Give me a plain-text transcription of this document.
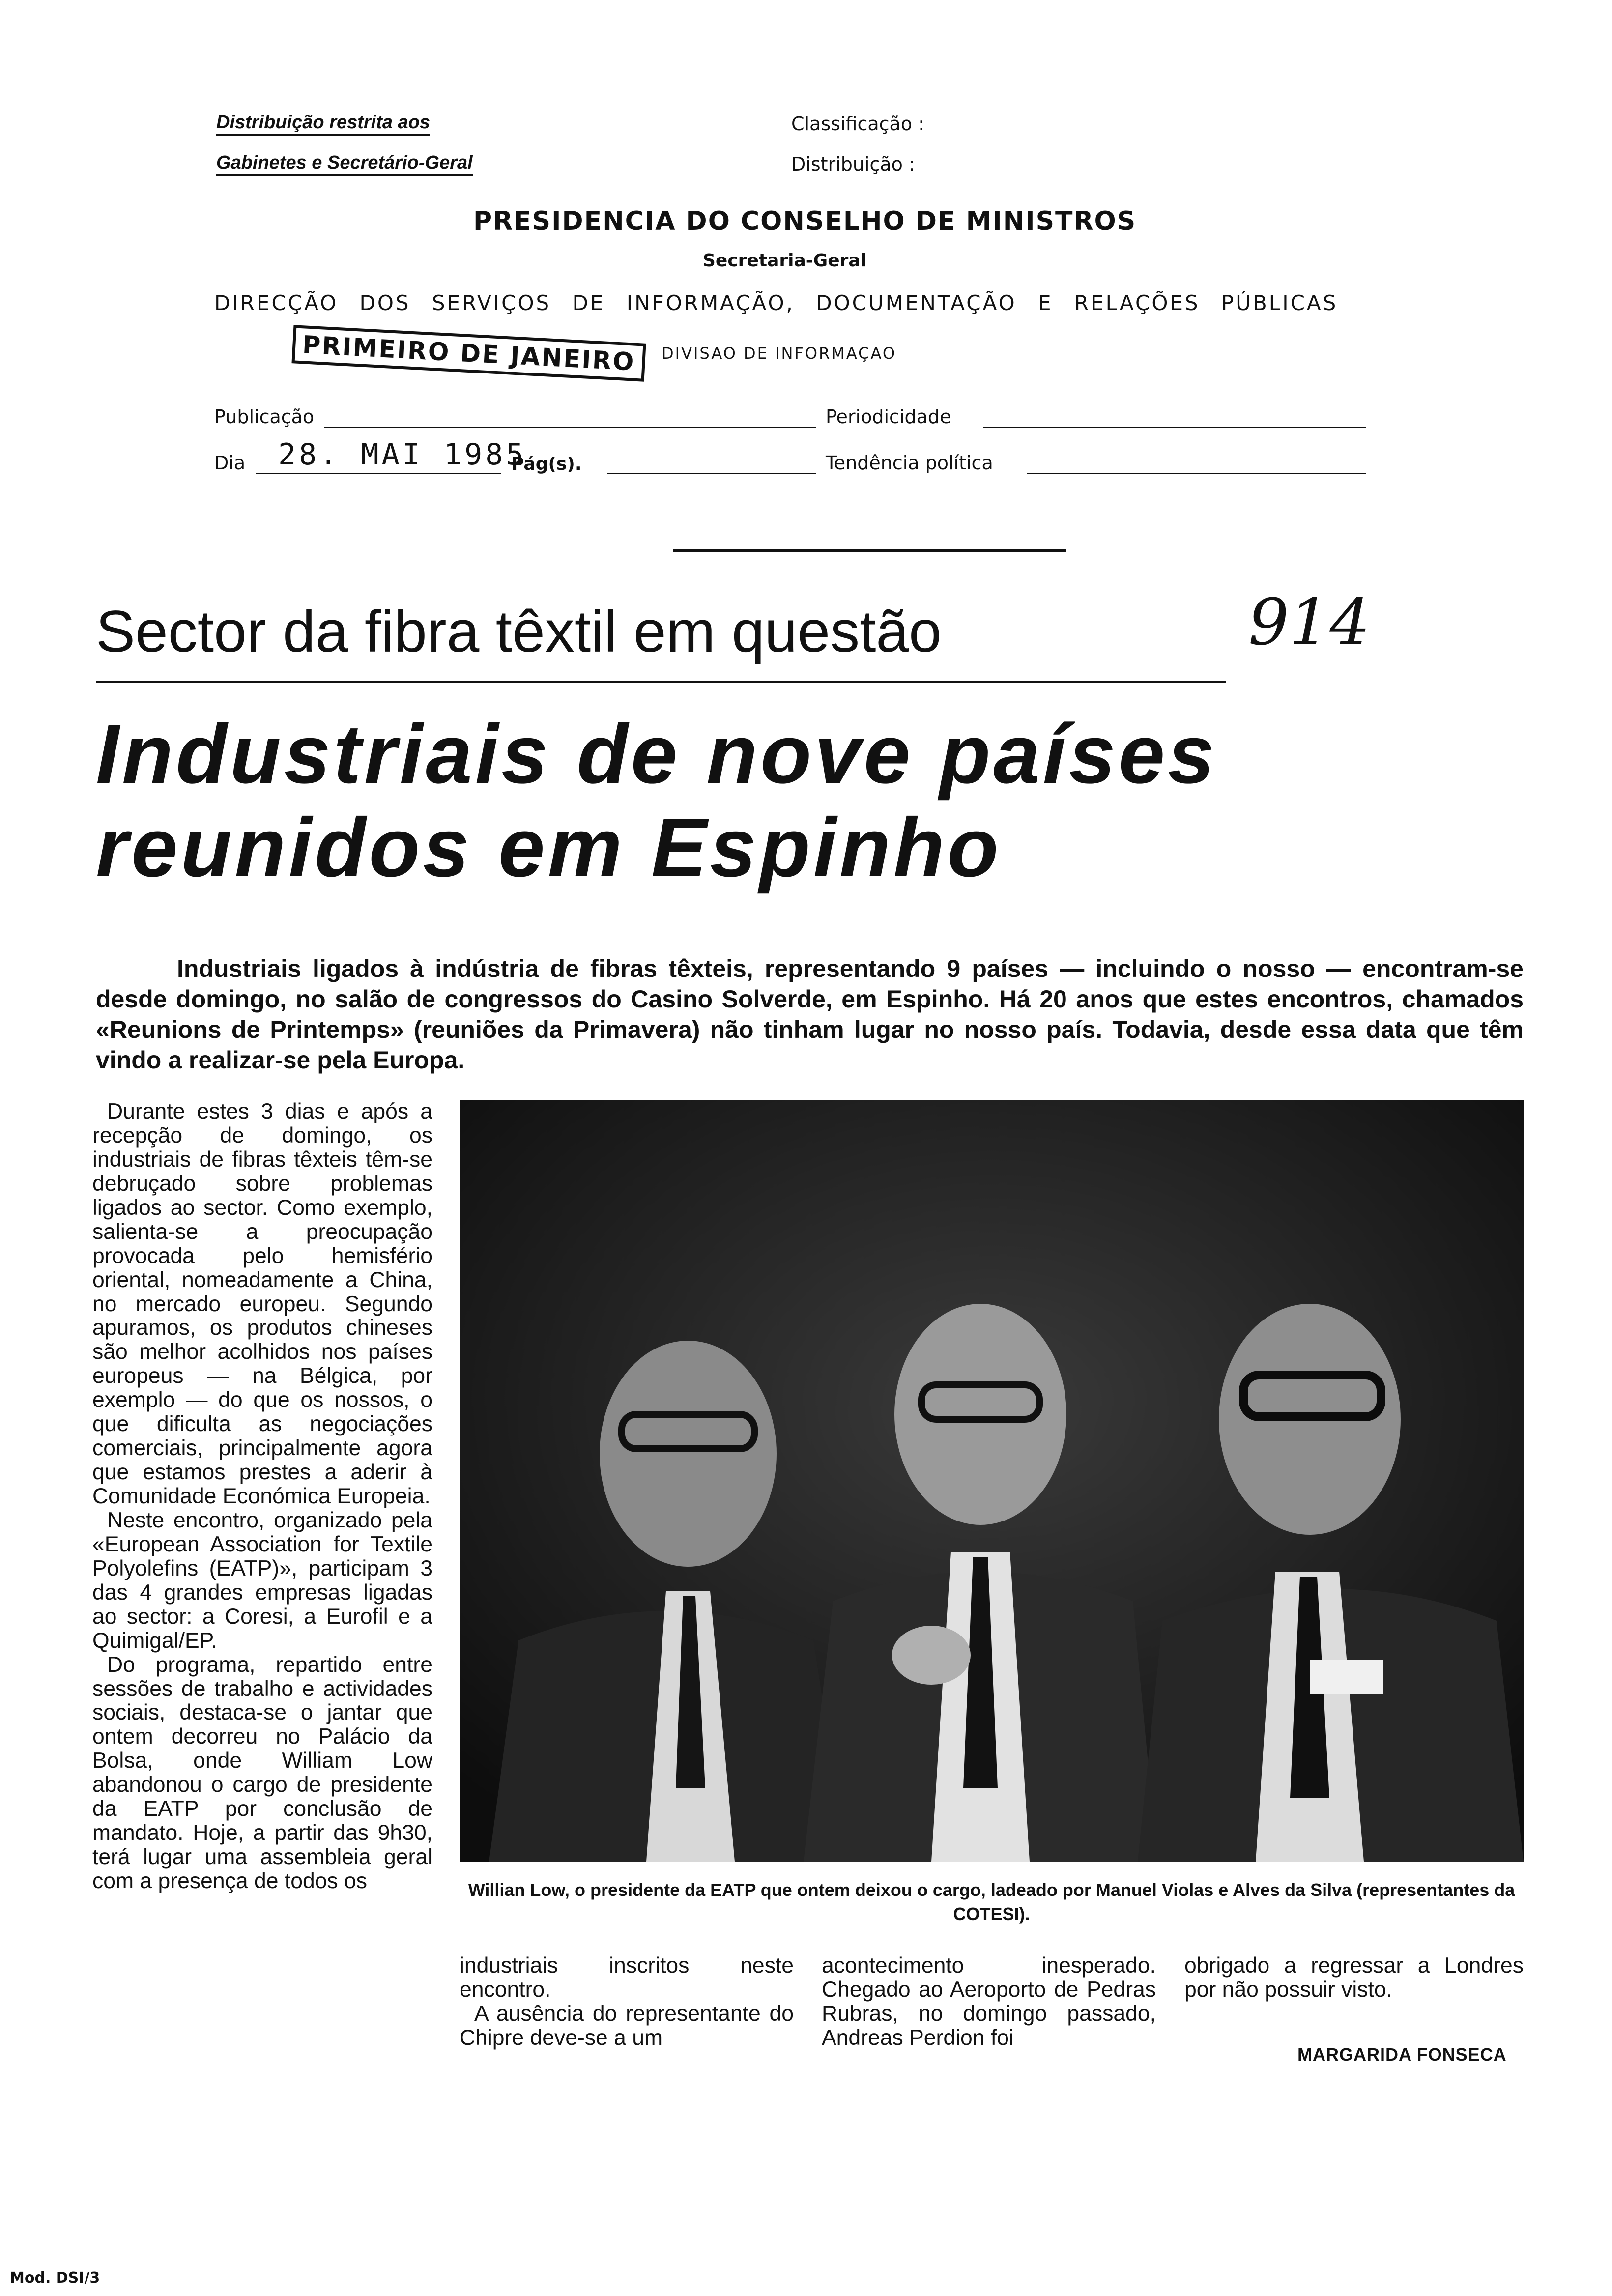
Distribuição restrita aos
Gabinetes e Secretário-Geral
Classificação :
Distribuição :
PRESIDENCIA DO CONSELHO DE MINISTROS
Secretaria-Geral
DIRECÇÃO DOS SERVIÇOS DE INFORMAÇÃO, DOCUMENTAÇÃO E RELAÇÕES PÚBLICAS
PRIMEIRO DE JANEIRO	DIVISAO DE INFORMAÇAO
Publicação	Periodicidade
Dia 28. MAI 1985
Pág(s).	Tendência política
Sector da fibra têxtil em questão	914
Industriais de nove países
reunidos em Espinho
Industriais ligados à indústria de fibras têxteis, representando 9 países — incluindo o nosso — encontram-se desde domingo, no salão de congressos do Casino Solverde, em Espinho. Há 20 anos que estes encontros, chamados «Reunions de Printemps» (reuniões da Primavera) não tinham lugar no nosso país. Todavia, desde essa data que têm vindo a realizar-se pela Europa.

Durante estes 3 dias e após a recepção de domingo, os industriais de fibras têxteis têm-se debruçado sobre problemas ligados ao sector. Como exemplo, salienta-se a preocupação provocada pelo hemisfério oriental, nomeadamente a China, no mercado europeu. Segundo apuramos, os produtos chineses são melhor acolhidos nos países europeus — na Bélgica, por exemplo — do que os nossos, o que dificulta as negociações comerciais, principalmente agora que estamos prestes a aderir à Comunidade Económica Europeia.

Neste encontro, organizado pela «European Association for Textile Polyolefins (EATP)», participam 3 das 4 grandes empresas ligadas ao sector: a Coresi, a Eurofil e a Quimigal/EP.

Do programa, repartido entre sessões de trabalho e actividades sociais, destaca-se o jantar que ontem decorreu no Palácio da Bolsa, onde William Low abandonou o cargo de presidente da EATP por conclusão de mandato. Hoje, a partir das 9h30, terá lugar uma assembleia geral com a presença de todos os	Willian Low, o presidente da EATP que ontem deixou o cargo, ladeado por Manuel Violas e Alves da Silva (representantes da COTESI).

industriais inscritos neste encontro.

A ausência do representante do Chipre deve-se a um

acontecimento inesperado. Chegado ao Aeroporto de Pedras Rubras, no domingo passado, Andreas Perdion foi

obrigado a regressar a Londres por não possuir visto.

MARGARIDA FONSECA
Mod. DSI/3
